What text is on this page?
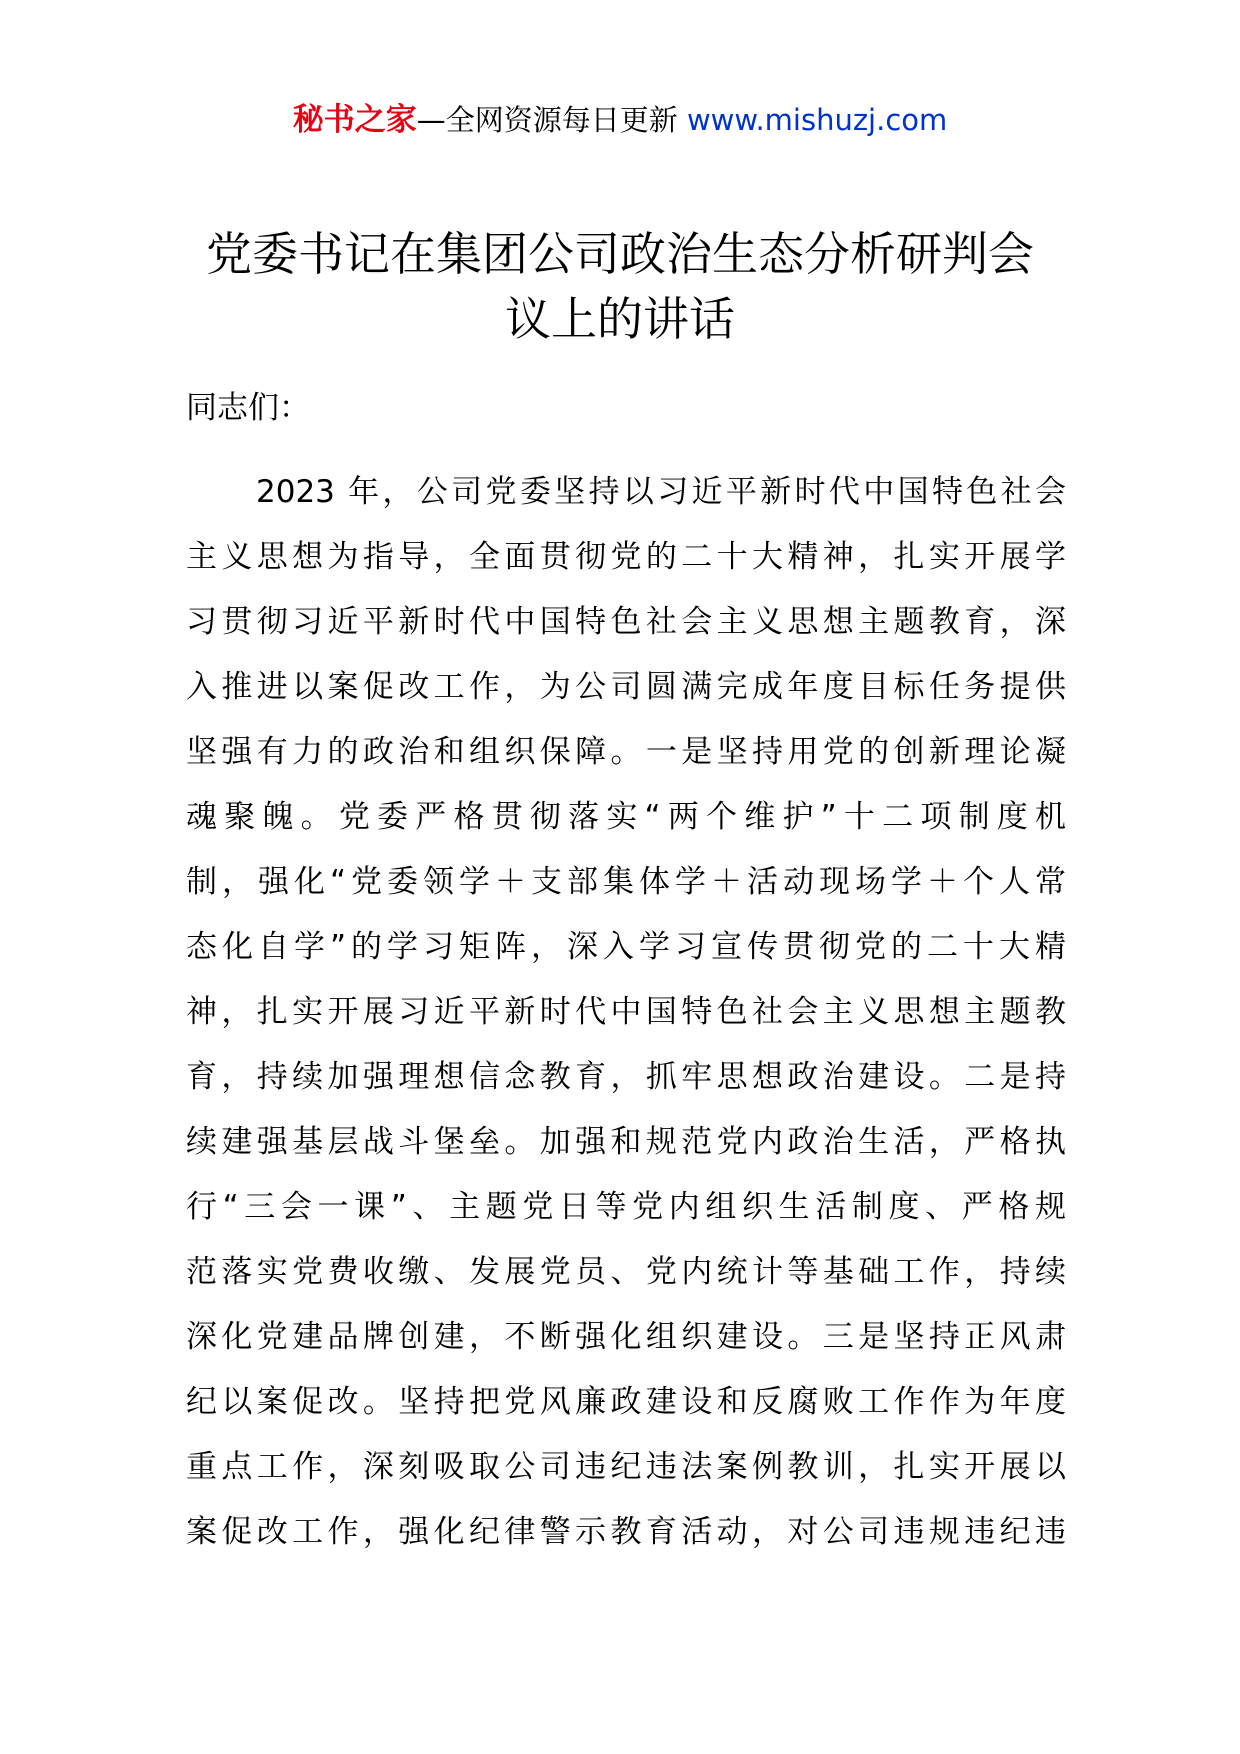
秘书之家—全网资源每日更新 www.mishuzj.com
党委书记在集团公司政治生态分析研判会
议上的讲话

同志们：

2023 年，公司党委坚持以习近平新时代中国特色社会
主义思想为指导，全面贯彻党的二十大精神，扎实开展学
习贯彻习近平新时代中国特色社会主义思想主题教育，深
入推进以案促改工作，为公司圆满完成年度目标任务提供
坚强有力的政治和组织保障。一是坚持用党的创新理论凝
魂聚魄。党委严格贯彻落实“两个维护”十二项制度机
制，强化“党委领学＋支部集体学＋活动现场学＋个人常
态化自学”的学习矩阵，深入学习宣传贯彻党的二十大精
神，扎实开展习近平新时代中国特色社会主义思想主题教
育，持续加强理想信念教育，抓牢思想政治建设。二是持
续建强基层战斗堡垒。加强和规范党内政治生活，严格执
行“三会一课”、主题党日等党内组织生活制度、严格规
范落实党费收缴、发展党员、党内统计等基础工作，持续
深化党建品牌创建，不断强化组织建设。三是坚持正风肃
纪以案促改。坚持把党风廉政建设和反腐败工作作为年度
重点工作，深刻吸取公司违纪违法案例教训，扎实开展以
案促改工作，强化纪律警示教育活动，对公司违规违纪违
